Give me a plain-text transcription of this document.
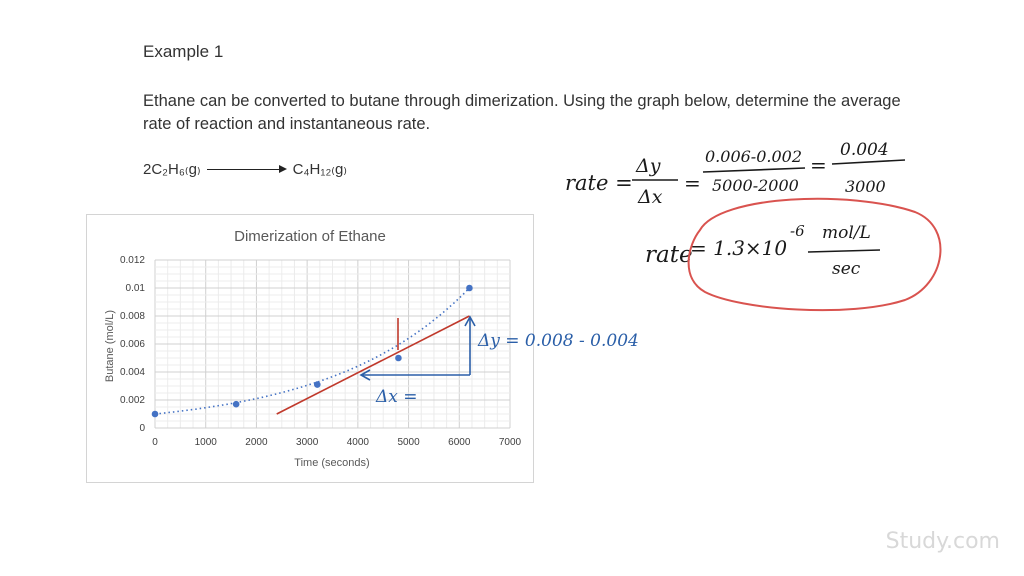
Example 1
Ethane can be converted to butane through dimerization. Using the graph below, determine the average rate of reaction and instantaneous rate.
2C₂H₆₍g₎	C₄H₁₂₍g₎
Dimerization of Ethane
Time (seconds)
Butane (mol/L)
0	1000	2000	3000	4000	5000	6000	7000
0
0.002
0.004
0.006
0.008
0.01
0.012
rate =
Δy
Δx
=
0.006-0.002
5000-2000
=
0.004
3000
rate
= 1.3×10
-6 mol/L
sec
Δy = 0.008 - 0.004
Δx =
Study.com
